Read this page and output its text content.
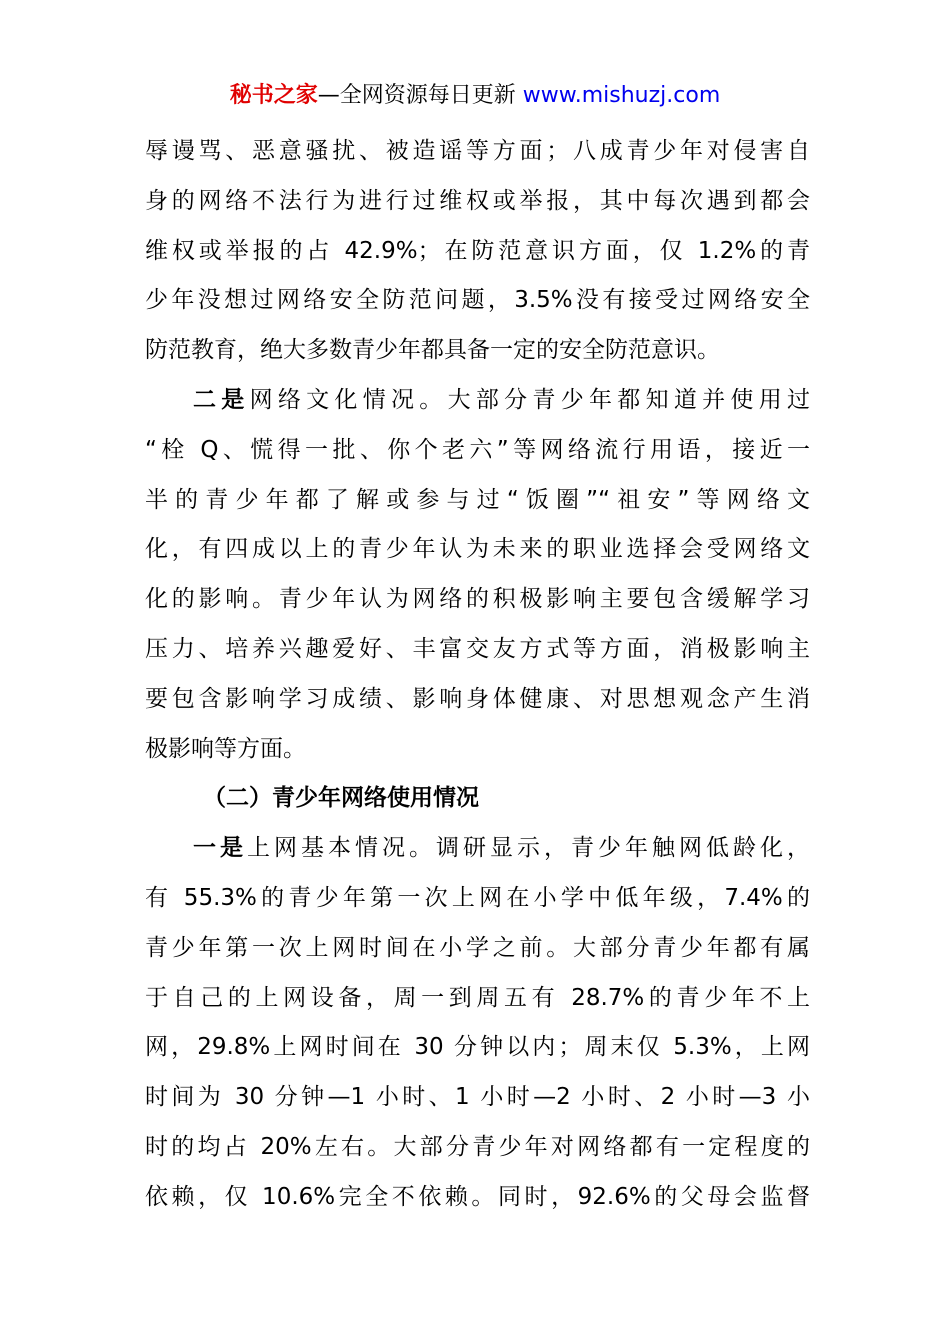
秘书之家—全网资源每日更新 www.mishuzj.com
辱谩骂、恶意骚扰、被造谣等方面；八成青少年对侵害自
身的网络不法行为进行过维权或举报，其中每次遇到都会
维权或举报的占 42.9%；在防范意识方面，仅 1.2%的青
少年没想过网络安全防范问题，3.5%没有接受过网络安全
防范教育，绝大多数青少年都具备一定的安全防范意识。
二是网络文化情况。大部分青少年都知道并使用过
“栓 Q、慌得一批、你个老六”等网络流行用语，接近一
半的青少年都了解或参与过“饭圈”“祖安”等网络文
化，有四成以上的青少年认为未来的职业选择会受网络文
化的影响。青少年认为网络的积极影响主要包含缓解学习
压力、培养兴趣爱好、丰富交友方式等方面，消极影响主
要包含影响学习成绩、影响身体健康、对思想观念产生消
极影响等方面。
（二）青少年网络使用情况
一是上网基本情况。调研显示，青少年触网低龄化，
有 55.3%的青少年第一次上网在小学中低年级，7.4%的
青少年第一次上网时间在小学之前。大部分青少年都有属
于自己的上网设备，周一到周五有 28.7%的青少年不上
网，29.8%上网时间在 30 分钟以内；周末仅 5.3%，上网
时间为 30 分钟—1 小时、1 小时—2 小时、2 小时—3 小
时的均占 20%左右。大部分青少年对网络都有一定程度的
依赖，仅 10.6%完全不依赖。同时，92.6%的父母会监督
